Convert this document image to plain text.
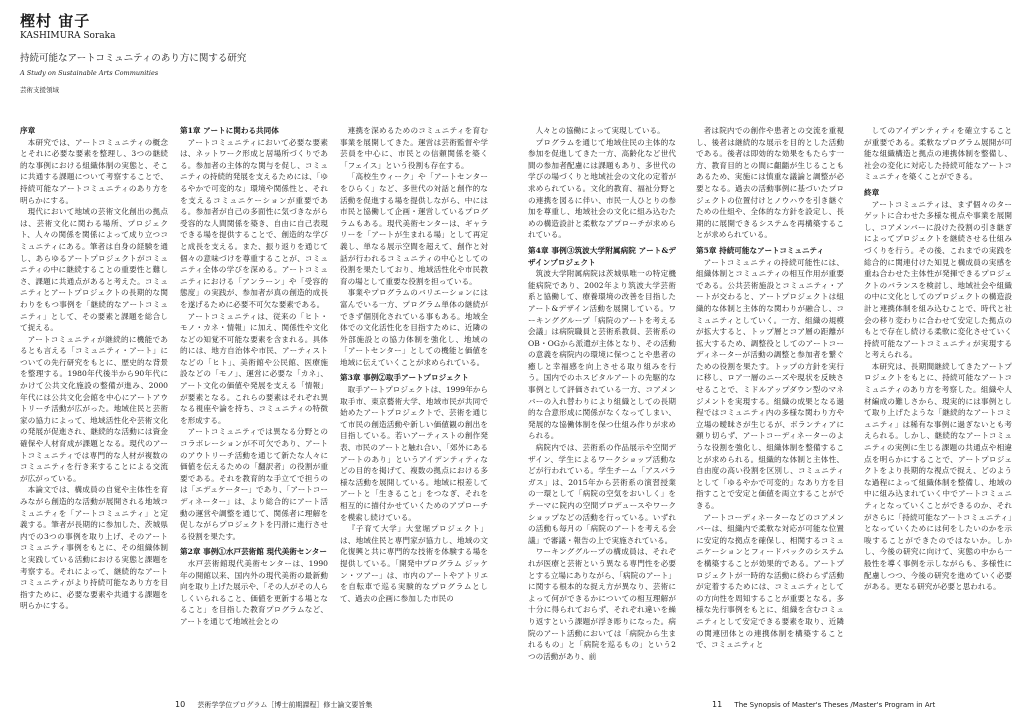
樫村 宙子
KASHIMURA Soraka
持続可能なアートコミュニティのあり方に関する研究
A Study on Sustainable Arts Communities
芸術支援領域

序章

本研究では、アートコミュニティの概念とそれに必要な要素を整理し、3つの継続的な事例における組織体制の実態と、そこに共通する課題について考察することで、持続可能なアートコミュニティのあり方を明らかにする。

現代において地域の芸術文化創出の拠点は、芸術文化に関わる場所、プロジェクト、人々の関係を関係によって成り立つコミュニティにある。筆者は自身の経験を通し、あらゆるアートプロジェクトがコミュニティの中に継続することの重要性と難しさ、課題に共通点があると考えた。コミュニティとアートプロジェクトの長期的な関わりをもつ事例を「継続的なアートコミュニティ」として、その要素と課題を総合して捉える。

アートコミュニティが継続的に機能であるとも言える「コミュニティ・アート」についての先行研究をもとに、歴史的な背景を整理する。1980年代後半から90年代にかけて公共文化施設の整備が進み、2000年代には公共文化会館を中心にアートアウトリーチ活動が広がった。地域住民と芸術家の協力によって、地域活性化や芸術文化の発展が促進され、継続的な活動には資金確保や人材育成が課題となる。現代のアートコミュニティでは専門的な人材が複数のコミュニティを行き来することによる交流が広がっている。

本論文では、構成員の自覚や主体性を育みながら創造的な活動が展開される地域コミュニティを「アートコミュニティ」と定義する。筆者が長期的に参加した、茨城県内での3つの事例を取り上げ、そのアートコミュニティ事例をもとに、その組織体制と実践している活動における実態と課題を考察する。それによって、継続的なアートコミュニティがより持続可能なあり方を目指すために、必要な要素や共通する課題を明らかにする。

第1章 アートに関わる共同体

アートコミュニティにおいて必要な要素は、ネットワーク形成と居場所づくりである。参加者の主体的な関与を促し、コミュニティの持続的発展を支えるためには、「ゆるやかで可変的な」環境や関係性と、それを支えるコミュニケーションが重要である。参加者が自己の多面性に気づきながら受容的な人間関係を築き、自由に自己表現できる場を提供することで、創造的な学びと成長を支える。また、振り返りを通じて個々の意味づけを尊重することが、コミュニティ全体の学びを深める。アートコミュニティにおける「アンラーン」や「受容的態度」の実践が、参加者が真の創造的成長を遂げるために必要不可欠な要素である。

アートコミュニティは、従来の「ヒト・モノ・カネ・情報」に加え、関係性や文化などの知覚不可能な要素を含まれる。具体的には、地方自治体や市民、アーティストなどの「ヒト」、美術館や公民館、医療施設などの「モノ」、運営に必要な「カネ」、アート文化の価値や発展を支える「情報」が要素となる。これらの要素はそれぞれ異なる視座や論を持ち、コミュニティの特徴を形成する。

アートコミュニティでは異なる分野とのコラボレーションが不可欠であり、アートのアウトリーチ活動を通じて新たな人々に価値を伝えるための「翻訳者」の役割が重要である。それを教育的な手立てで担うのは「エデュケーター」であり、「アートコーディネーター」は、より総合的にアート活動の運営や調整を通じて、関係者に理解を促しながらプロジェクトを円滑に進行させる役割を果たす。

第2章 事例①水戸芸術館 現代美術センター

水戸芸術館現代美術センターは、1990年の開館以来、国内外の現代美術の最新動向を取り上げた展示や、「その人がその人らしくいられること、価値を更新する場となること」を目指した教育プログラムなど、アートを通じて地域社会との

連携を深めるためのコミュニティを育む事業を展開してきた。運営は芸術監督や学芸員を中心に、市民との信頼関係を築く「フェイス」という役割も存在する。

「高校生ウィーク」や「アートセンターをひらく」など、多世代の対話と創作的な活動を促進する場を提供しながら、中には市民と協働して企画・運営しているプログラムもある。現代美術センターは、ギャラリーを「アートが生まれる場」として再定義し、単なる展示空間を超えて、創作と対話が行われるコミュニティの中心としての役割を果たしており、地域活性化や市民教育の場として重要な役割を担っている。

事業やプログラムのバリエーションには富んでいる一方、プログラム単体の継続ができず個別化されている事もある。地域全体での文化活性化を目指すために、近隣の外部施設との協力体制を強化し、地域の「アートセンター」としての機能と価値を地域に伝えていくことが求められている。

第3章 事例②取手アートプロジェクト

取手アートプロジェクトは、1999年から取手市、東京藝術大学、地域市民が共同で始めたアートプロジェクトで、芸術を通じて市民の創造活動や新しい価値観の創出を目指している。若いアーティストの創作発表、市民のアートと触れ合い、「郊外にあるアートのあり」というアイデンティティなどの目的を掲げて、複数の拠点における多様な活動を展開している。地域に根差してアートと「生きること」をつなぎ、それを相互的に描付かせていくためのアプローチを模索し続けている。

『子育て大学」大堂堀プロジェクト」は、地域住民と専門家が協力し、地域の文化復興と共に専門的な技術を体験する場を提供している。「開発中プログラム ジッケン・ツアー」は、市内のアートやアトリエを自転車で巡る実験的なプログラムとして、過去の企画に参加した市民の

人々との協働によって実現している。

プログラムを通じて地域住民の主体的な参加を促進してきた一方、高齢化など世代間の参加者配慮には課題もあり、多世代の学びの場づくりと地域社会の文化の定着が求められている。文化的教育、福祉分野との連携を図るに伴い、市民一人ひとりの参加を尊重し、地域社会の文化に組み込むための構造設計と柔軟なアプローチが求められている。

第4章 事例③筑波大学附属病院 アート&デザインプロジェクト

筑波大学附属病院は茨城県唯一の特定機能病院であり、2002年より筑波大学芸術系と協働して、療養環境の改善を目指したアート&デザイン活動を展開している。ワーキンググループ「病院のアートを考える会議」は病院職員と芸術系教員、芸術系のOB・OGから派遣が主体となり、その活動の意義を病院内の環境に保つことや患者の癒しと幸福感を向上させる取り組みを行う。国内でのホスピタルアートの先駆的な事例として評価されている一方、コアメンバーの入れ替わりにより組織としての長期的な合意形成に関係がなくなってしまい、発展的な協働体制を保つ仕組み作りが求められる。

病院内では、芸術系の作品展示や空間デザイン、学生によるワークショップ活動などが行われている。学生チーム「アスパラガス」は、2015年から芸術系の演習授業の一環として「病院の空気をおいしく」をテーマに院内の空間プロデュースやワークショップなどの活動を行っている。いずれの活動も毎月の「病院のアートを考える会議」で審議・報告の上で実施されている。

ワーキンググループの構成員は、それぞれが医療と芸術という異なる専門性を必要とする立場にありながら、「病院のアート」に関する根本的な捉え方が異なり、芸術によって何ができるかについての相互理解が十分に得られておらず、それぞれ違いを繰り返すという課題が浮き彫りになった。病院のアート活動においては「病院から生まれるもの」と「病院を巡るもの」という2つの活動があり、前

者は院内での創作や患者との交流を重視し、後者は継続的な展示を目的とした活動である。後者は即効的な効果をもたらす一方、教育目的との間に齟齬が生じることもあるため、実施には慎重な議論と調整が必要となる。過去の活動事例に基づいたプロジェクトの位置付けとノウハウを引き継ぐための仕組や、全体的な方針を設定し、長期的に展開できるシステムを再構築することが求められている。

第5章 持続可能なアートコミュニティ

アートコミュニティの持続可能性には、組織体制とコミュニティの相互作用が重要である。公共芸術施設とコミュニティ・アートが交わると、アートプロジェクトは組織的な体制と主体的な関わりが融合し、コミュニティとしていく。一方、組織の規模が拡大すると、トップ層とコア層の距離が拡大するため、調整役としてのアートコーディネーターが活動の調整と参加者を繋ぐための役割を果たす。トップの方針を実行に移し、ロア一層のニーズや現状を反映させることで、ミドルアップダウン型のマネジメントを実現する。組織の成果となる過程ではコミュニティ内の多様な関わり方や立場の曖昧さが生じるが、ボランティアに頼り切らず、アートコーディネーターのような役割を強化し、組織体制を整備することが求められる。組織的な体制と主体性、自由度の高い役割を区別し、コミュニティとして「ゆるやかで可変的」なあり方を目指すことで安定と価値を両立することができる。

アートコーディネーターなどのコアメンバーは、組織内で柔軟な対応が可能な位置に安定的な拠点を確保し、相関するコミュニケーションとフィードバックのシステムを構築することが効果的である。アートプロジェクトが一時的な活動に終わらず活動が定着するためには、コミュニティとしての方向性を周知することが重要となる。多様な先行事例をもとに、組織を含むコミュニティとして安定できる要素を取り、近隣の関連団体との連携体制を構築することで、コミュニティと

してのアイデンティティを確立することが重要である。柔軟なプログラム展開が可能な組織構造と拠点の連携体制を整備し、社会の変化に対応した持続可能なアートコミュニティを築くことができる。

終章

アートコミュニティは、まず個々のターゲットに合わせた多様な視点や事業を展開し、コアメンバーに設けた役割の引き継ぎによってプロジェクトを継続させる仕組みづくりを行う。その後、これまでの実践を総合的に関連付けた知見と構成員の実感を重ね合わせた主体性が発揮できるプロジェクトのバランスを検討し、地域社会や組織の中に文化としてのプロジェクトの構造設計と連携体制を組み込むことで、時代と社会の移り変わりに合わせて安定した拠点のもとで存在し続ける柔軟に変化させていく持続可能なアートコミュニティが実現すると考えられる。

本研究は、長期間継続してきたアートプロジェクトをもとに、持続可能なアートコミュニティのあり方を考察した。組織や人材編成の難しさから、現実的には事例として取り上げたような「継続的なアートコミュニティ」は稀有な事例に過ぎないとも考えられる。しかし、継続的なアートコミュニティの実例に生じる課題の共通点や相違点を明らかにすることで、アートプロジェクトをより長期的な視点で捉え、どのような過程によって組織体制を整備し、地域の中に組み込まれていく中でアートコミュニティとなっていくことができるのか、それがさらに「持続可能なアートコミュニティ」となっていくためには何をしたいのかを示唆することができたのではないか。しかし、今後の研究に向けて、実態の中から一般性を導く事例を示しながらも、多様性に配慮しつつ、今後の研究を進めていく必要がある。更なる研究が必要と思われる。

10 芸術学学位プログラム［博士前期課程］修士論文要旨集	11 The Synopsis of Master's Theses /Master's Program in Art
